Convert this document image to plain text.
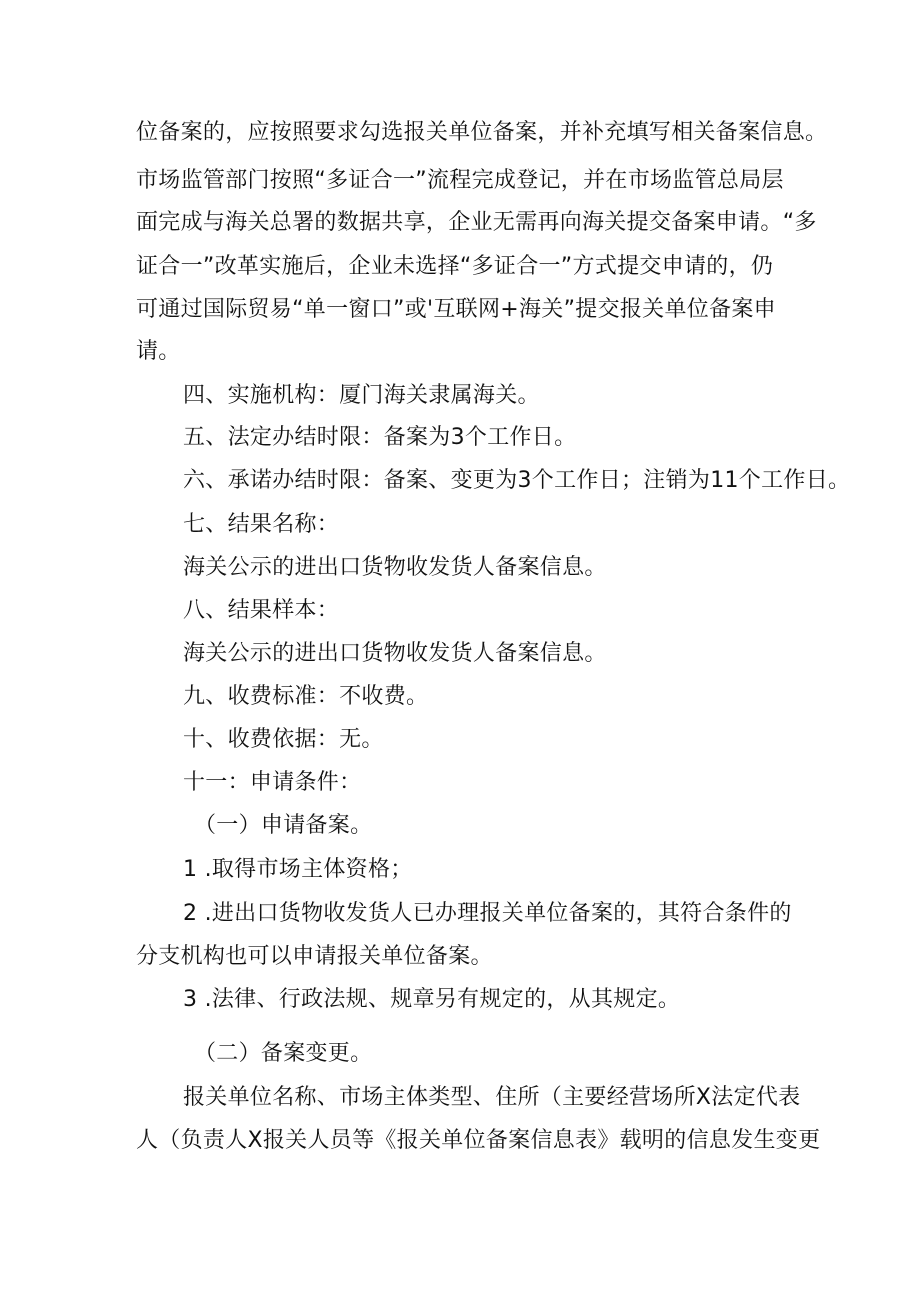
位备案的，应按照要求勾选报关单位备案，并补充填写相关备案信息。
市场监管部门按照“多证合一”流程完成登记，并在市场监管总局层
面完成与海关总署的数据共享，企业无需再向海关提交备案申请。“多
证合一”改革实施后，企业未选择“多证合一”方式提交申请的，仍
可通过国际贸易“单一窗口”或'互联网+海关”提交报关单位备案申
请。
四、实施机构：厦门海关隶属海关。
五、法定办结时限：备案为3个工作日。
六、承诺办结时限：备案、变更为3个工作日；注销为11个工作日。
七、结果名称：
海关公示的进出口货物收发货人备案信息。
八、结果样本：
海关公示的进出口货物收发货人备案信息。
九、收费标准：不收费。
十、收费依据：无。
十一：申请条件：
（一）申请备案。
1 .取得市场主体资格；
2 .进出口货物收发货人已办理报关单位备案的，其符合条件的
分支机构也可以申请报关单位备案。
3 .法律、行政法规、规章另有规定的，从其规定。
（二）备案变更。
报关单位名称、市场主体类型、住所（主要经营场所X法定代表
人（负责人X报关人员等《报关单位备案信息表》载明的信息发生变更
